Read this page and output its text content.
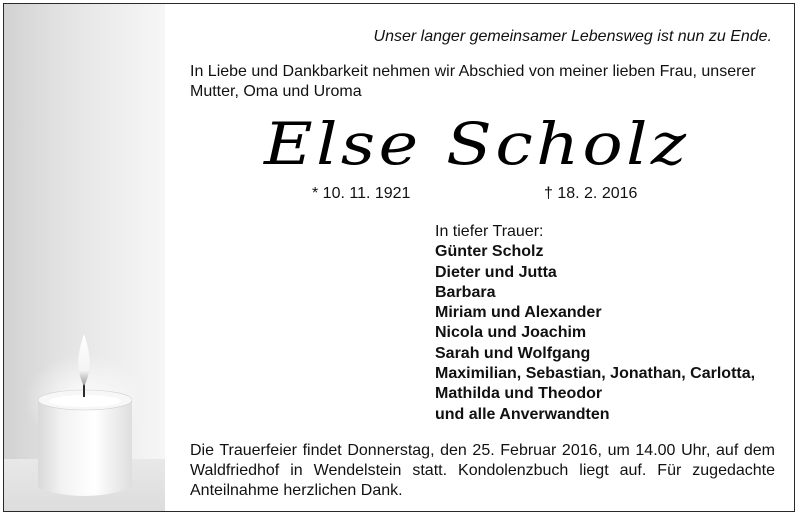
Unser langer gemeinsamer Lebensweg ist nun zu Ende.
In Liebe und Dankbarkeit nehmen wir Abschied von meiner lieben Frau, unserer Mutter, Oma und Uroma
Else Scholz
* 10. 11. 1921	† 18. 2. 2016
In tiefer Trauer:
Günter Scholz
Dieter und Jutta
Barbara
Miriam und Alexander
Nicola und Joachim
Sarah und Wolfgang
Maximilian, Sebastian, Jonathan, Carlotta,
Mathilda und Theodor
und alle Anverwandten
Die Trauerfeier findet Donnerstag, den 25. Februar 2016, um 14.00 Uhr, auf dem Waldfriedhof in Wendelstein statt. Kondolenzbuch liegt auf. Für zugedachte Anteilnahme herzlichen Dank.
